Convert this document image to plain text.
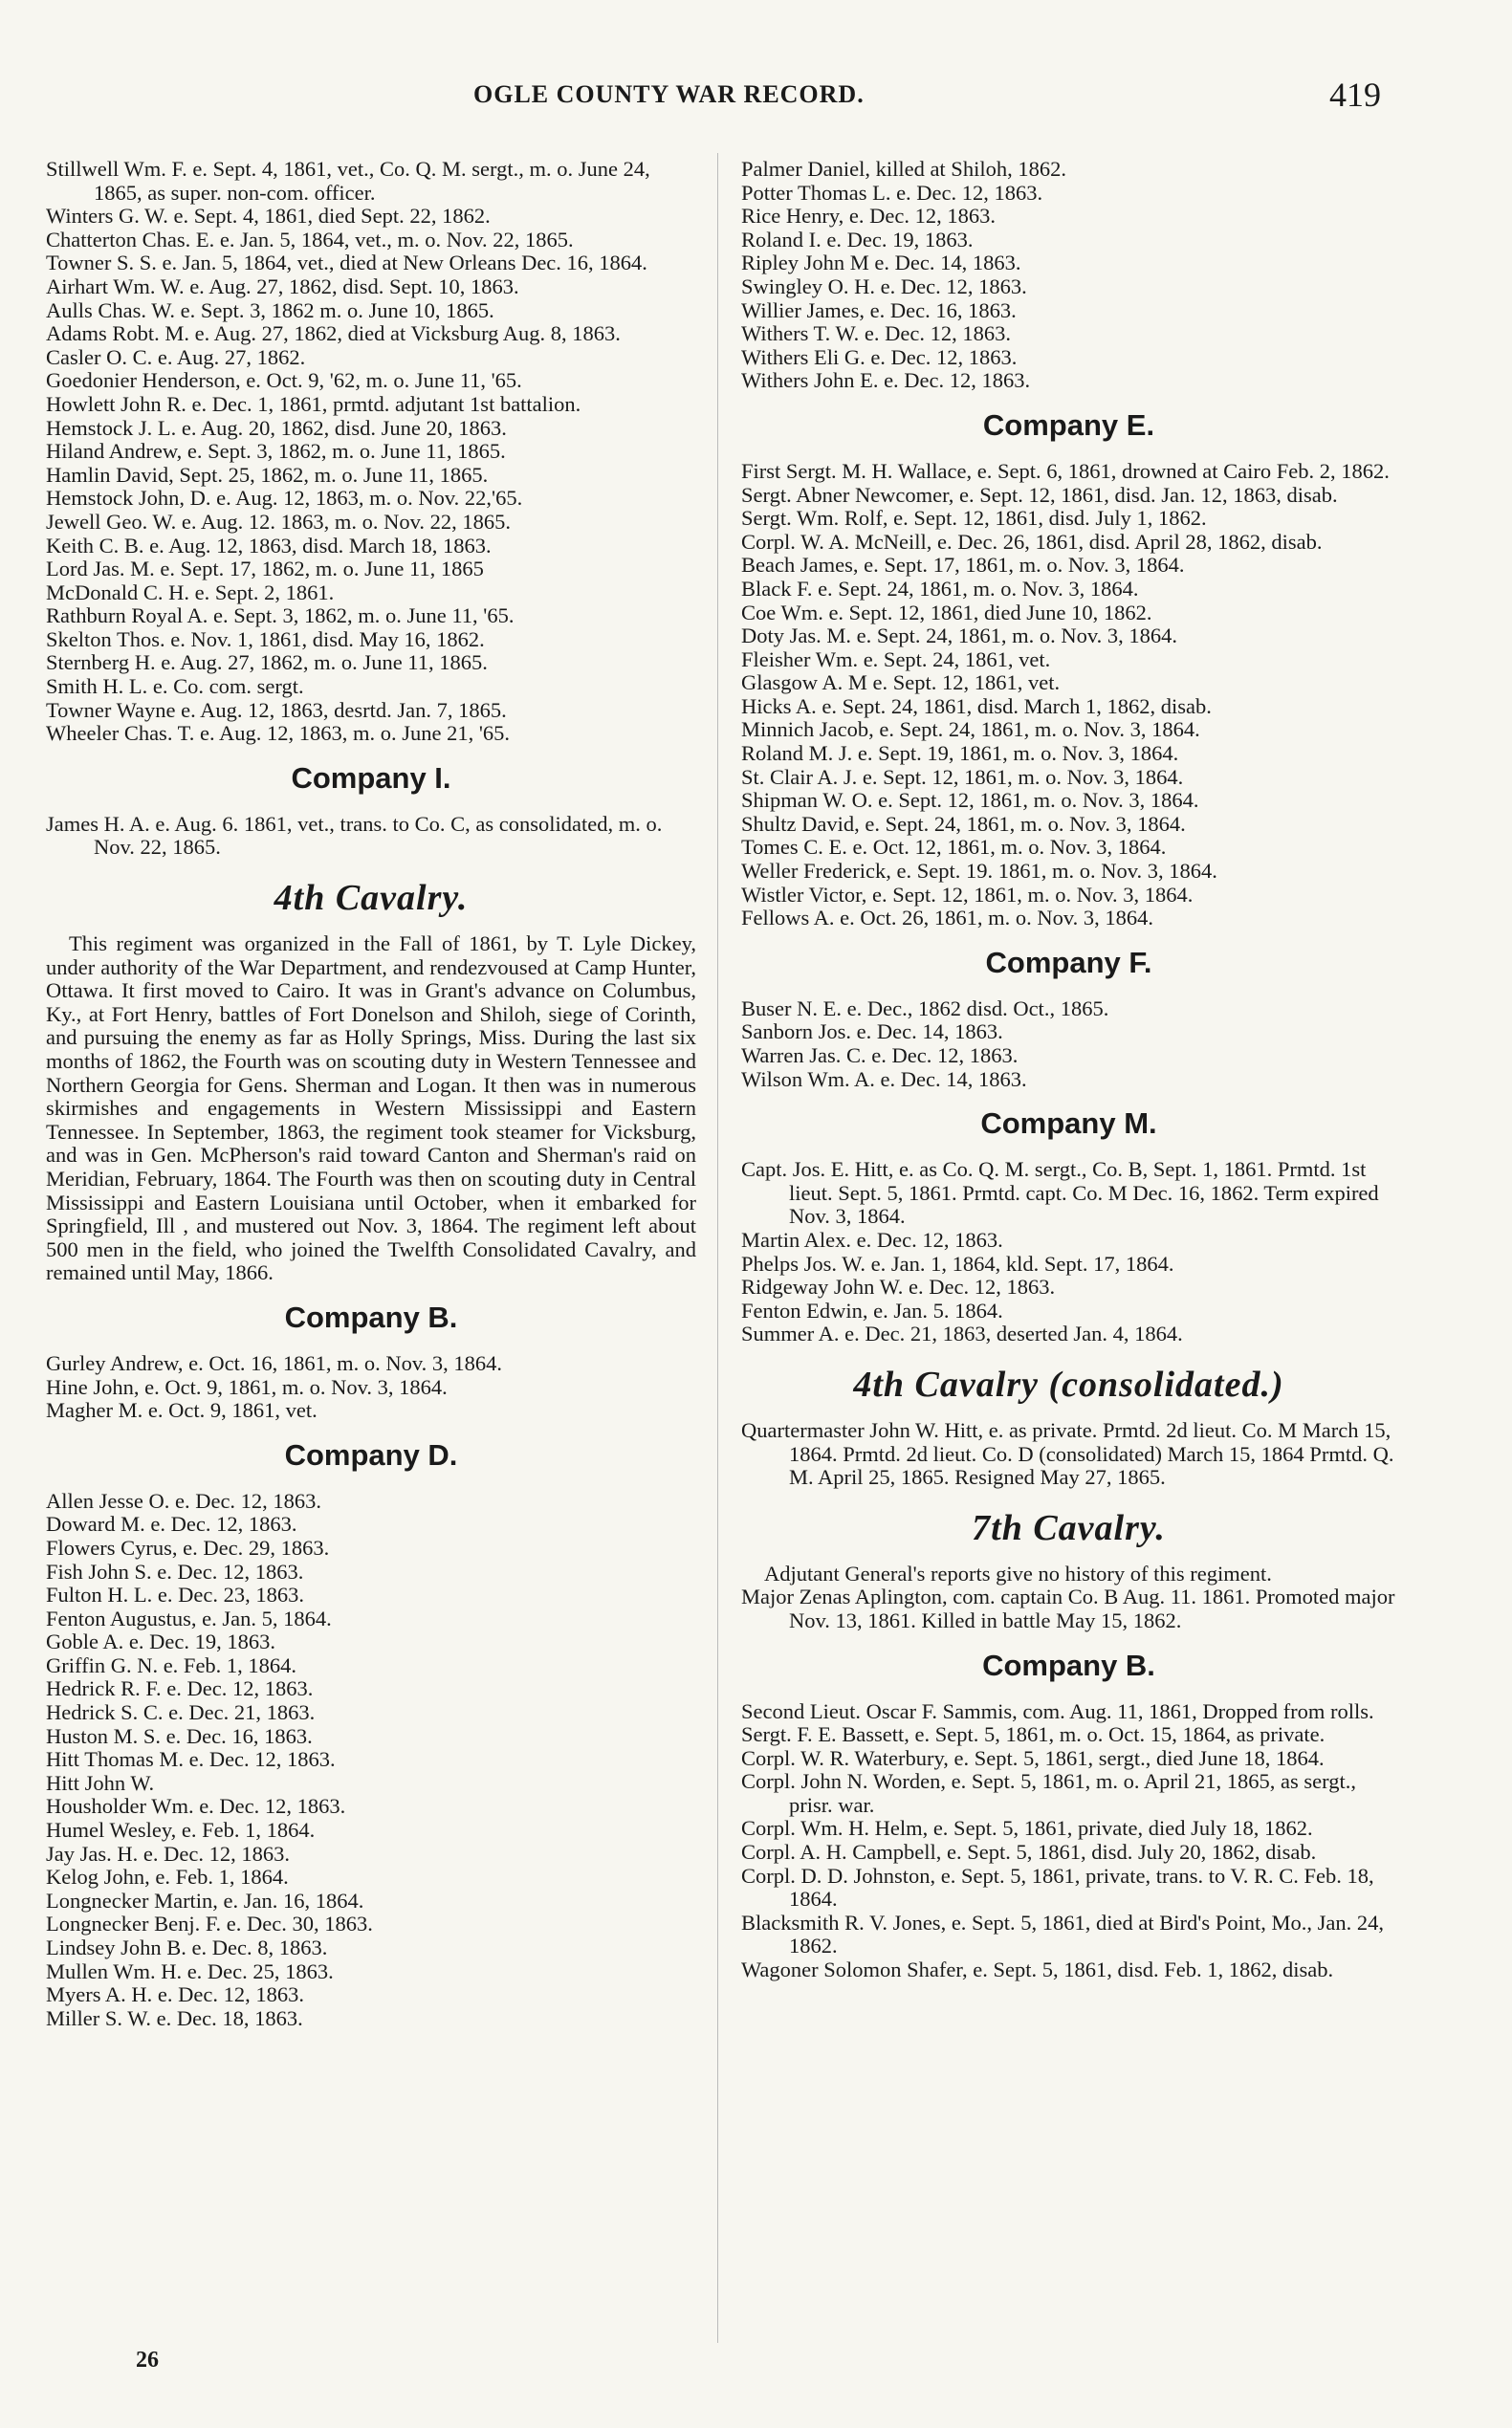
OGLE COUNTY WAR RECORD.	419

Stillwell Wm. F. e. Sept. 4, 1861, vet., Co. Q. M. sergt., m. o. June 24, 1865, as super. non-com. officer.

Winters G. W. e. Sept. 4, 1861, died Sept. 22, 1862.

Chatterton Chas. E. e. Jan. 5, 1864, vet., m. o. Nov. 22, 1865.

Towner S. S. e. Jan. 5, 1864, vet., died at New Orleans Dec. 16, 1864.

Airhart Wm. W. e. Aug. 27, 1862, disd. Sept. 10, 1863.

Aulls Chas. W. e. Sept. 3, 1862 m. o. June 10, 1865.

Adams Robt. M. e. Aug. 27, 1862, died at Vicksburg Aug. 8, 1863.

Casler O. C. e. Aug. 27, 1862.

Goedonier Henderson, e. Oct. 9, '62, m. o. June 11, '65.

Howlett John R. e. Dec. 1, 1861, prmtd. adjutant 1st battalion.

Hemstock J. L. e. Aug. 20, 1862, disd. June 20, 1863.

Hiland Andrew, e. Sept. 3, 1862, m. o. June 11, 1865.

Hamlin David, Sept. 25, 1862, m. o. June 11, 1865.

Hemstock John, D. e. Aug. 12, 1863, m. o. Nov. 22,'65.

Jewell Geo. W. e. Aug. 12. 1863, m. o. Nov. 22, 1865.

Keith C. B. e. Aug. 12, 1863, disd. March 18, 1863.

Lord Jas. M. e. Sept. 17, 1862, m. o. June 11, 1865

McDonald C. H. e. Sept. 2, 1861.

Rathburn Royal A. e. Sept. 3, 1862, m. o. June 11, '65.

Skelton Thos. e. Nov. 1, 1861, disd. May 16, 1862.

Sternberg H. e. Aug. 27, 1862, m. o. June 11, 1865.

Smith H. L. e. Co. com. sergt.

Towner Wayne e. Aug. 12, 1863, desrtd. Jan. 7, 1865.

Wheeler Chas. T. e. Aug. 12, 1863, m. o. June 21, '65.

Company I.

James H. A. e. Aug. 6. 1861, vet., trans. to Co. C, as consolidated, m. o. Nov. 22, 1865.

4th Cavalry.

This regiment was organized in the Fall of 1861, by T. Lyle Dickey, under authority of the War Department, and rendezvoused at Camp Hunter, Ottawa. It first moved to Cairo. It was in Grant's advance on Columbus, Ky., at Fort Henry, battles of Fort Donelson and Shiloh, siege of Corinth, and pursuing the enemy as far as Holly Springs, Miss. During the last six months of 1862, the Fourth was on scouting duty in Western Tennessee and Northern Georgia for Gens. Sherman and Logan. It then was in numerous skirmishes and engagements in Western Mississippi and Eastern Tennessee. In September, 1863, the regiment took steamer for Vicksburg, and was in Gen. McPherson's raid toward Canton and Sherman's raid on Meridian, February, 1864. The Fourth was then on scouting duty in Central Mississippi and Eastern Louisiana until October, when it embarked for Springfield, Ill , and mustered out Nov. 3, 1864. The regiment left about 500 men in the field, who joined the Twelfth Consolidated Cavalry, and remained until May, 1866.

Company B.

Gurley Andrew, e. Oct. 16, 1861, m. o. Nov. 3, 1864.

Hine John, e. Oct. 9, 1861, m. o. Nov. 3, 1864.

Magher M. e. Oct. 9, 1861, vet.

Company D.

Allen Jesse O. e. Dec. 12, 1863.

Doward M. e. Dec. 12, 1863.

Flowers Cyrus, e. Dec. 29, 1863.

Fish John S. e. Dec. 12, 1863.

Fulton H. L. e. Dec. 23, 1863.

Fenton Augustus, e. Jan. 5, 1864.

Goble A. e. Dec. 19, 1863.

Griffin G. N. e. Feb. 1, 1864.

Hedrick R. F. e. Dec. 12, 1863.

Hedrick S. C. e. Dec. 21, 1863.

Huston M. S. e. Dec. 16, 1863.

Hitt Thomas M. e. Dec. 12, 1863.

Hitt John W.

Housholder Wm. e. Dec. 12, 1863.

Humel Wesley, e. Feb. 1, 1864.

Jay Jas. H. e. Dec. 12, 1863.

Kelog John, e. Feb. 1, 1864.

Longnecker Martin, e. Jan. 16, 1864.

Longnecker Benj. F. e. Dec. 30, 1863.

Lindsey John B. e. Dec. 8, 1863.

Mullen Wm. H. e. Dec. 25, 1863.

Myers A. H. e. Dec. 12, 1863.

Miller S. W. e. Dec. 18, 1863.

Palmer Daniel, killed at Shiloh, 1862.

Potter Thomas L. e. Dec. 12, 1863.

Rice Henry, e. Dec. 12, 1863.

Roland I. e. Dec. 19, 1863.

Ripley John M e. Dec. 14, 1863.

Swingley O. H. e. Dec. 12, 1863.

Willier James, e. Dec. 16, 1863.

Withers T. W. e. Dec. 12, 1863.

Withers Eli G. e. Dec. 12, 1863.

Withers John E. e. Dec. 12, 1863.

Company E.

First Sergt. M. H. Wallace, e. Sept. 6, 1861, drowned at Cairo Feb. 2, 1862.

Sergt. Abner Newcomer, e. Sept. 12, 1861, disd. Jan. 12, 1863, disab.

Sergt. Wm. Rolf, e. Sept. 12, 1861, disd. July 1, 1862.

Corpl. W. A. McNeill, e. Dec. 26, 1861, disd. April 28, 1862, disab.

Beach James, e. Sept. 17, 1861, m. o. Nov. 3, 1864.

Black F. e. Sept. 24, 1861, m. o. Nov. 3, 1864.

Coe Wm. e. Sept. 12, 1861, died June 10, 1862.

Doty Jas. M. e. Sept. 24, 1861, m. o. Nov. 3, 1864.

Fleisher Wm. e. Sept. 24, 1861, vet.

Glasgow A. M e. Sept. 12, 1861, vet.

Hicks A. e. Sept. 24, 1861, disd. March 1, 1862, disab.

Minnich Jacob, e. Sept. 24, 1861, m. o. Nov. 3, 1864.

Roland M. J. e. Sept. 19, 1861, m. o. Nov. 3, 1864.

St. Clair A. J. e. Sept. 12, 1861, m. o. Nov. 3, 1864.

Shipman W. O. e. Sept. 12, 1861, m. o. Nov. 3, 1864.

Shultz David, e. Sept. 24, 1861, m. o. Nov. 3, 1864.

Tomes C. E. e. Oct. 12, 1861, m. o. Nov. 3, 1864.

Weller Frederick, e. Sept. 19. 1861, m. o. Nov. 3, 1864.

Wistler Victor, e. Sept. 12, 1861, m. o. Nov. 3, 1864.

Fellows A. e. Oct. 26, 1861, m. o. Nov. 3, 1864.

Company F.

Buser N. E. e. Dec., 1862 disd. Oct., 1865.

Sanborn Jos. e. Dec. 14, 1863.

Warren Jas. C. e. Dec. 12, 1863.

Wilson Wm. A. e. Dec. 14, 1863.

Company M.

Capt. Jos. E. Hitt, e. as Co. Q. M. sergt., Co. B, Sept. 1, 1861. Prmtd. 1st lieut. Sept. 5, 1861. Prmtd. capt. Co. M Dec. 16, 1862. Term expired Nov. 3, 1864.

Martin Alex. e. Dec. 12, 1863.

Phelps Jos. W. e. Jan. 1, 1864, kld. Sept. 17, 1864.

Ridgeway John W. e. Dec. 12, 1863.

Fenton Edwin, e. Jan. 5. 1864.

Summer A. e. Dec. 21, 1863, deserted Jan. 4, 1864.

4th Cavalry (consolidated.)

Quartermaster John W. Hitt, e. as private. Prmtd. 2d lieut. Co. M March 15, 1864. Prmtd. 2d lieut. Co. D (consolidated) March 15, 1864 Prmtd. Q. M. April 25, 1865. Resigned May 27, 1865.

7th Cavalry.

Adjutant General's reports give no history of this regiment.

Major Zenas Aplington, com. captain Co. B Aug. 11. 1861. Promoted major Nov. 13, 1861. Killed in battle May 15, 1862.

Company B.

Second Lieut. Oscar F. Sammis, com. Aug. 11, 1861, Dropped from rolls.

Sergt. F. E. Bassett, e. Sept. 5, 1861, m. o. Oct. 15, 1864, as private.

Corpl. W. R. Waterbury, e. Sept. 5, 1861, sergt., died June 18, 1864.

Corpl. John N. Worden, e. Sept. 5, 1861, m. o. April 21, 1865, as sergt., prisr. war.

Corpl. Wm. H. Helm, e. Sept. 5, 1861, private, died July 18, 1862.

Corpl. A. H. Campbell, e. Sept. 5, 1861, disd. July 20, 1862, disab.

Corpl. D. D. Johnston, e. Sept. 5, 1861, private, trans. to V. R. C. Feb. 18, 1864.

Blacksmith R. V. Jones, e. Sept. 5, 1861, died at Bird's Point, Mo., Jan. 24, 1862.

Wagoner Solomon Shafer, e. Sept. 5, 1861, disd. Feb. 1, 1862, disab.

26
